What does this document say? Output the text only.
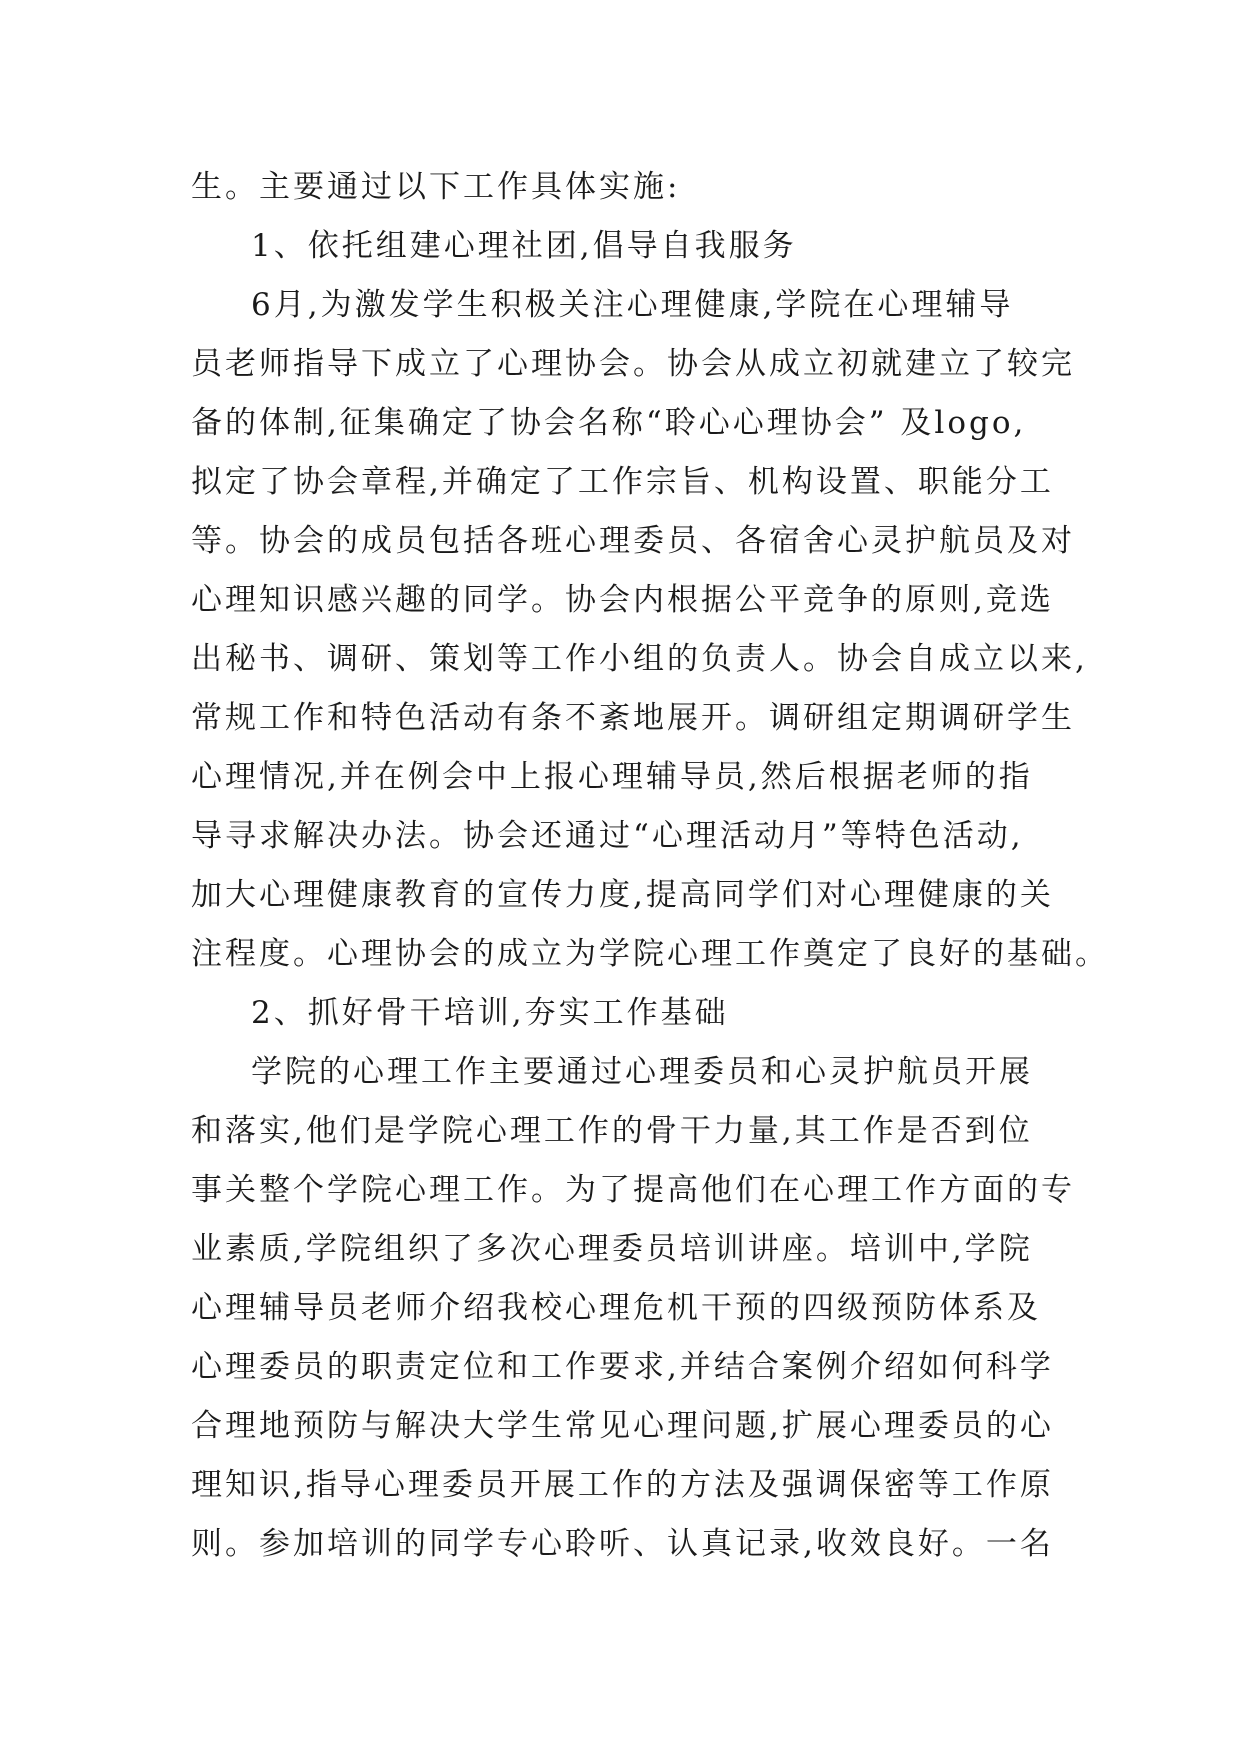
生。主要通过以下工作具体实施:
1、依托组建心理社团,倡导自我服务
6月,为激发学生积极关注心理健康,学院在心理辅导
员老师指导下成立了心理协会。协会从成立初就建立了较完
备的体制,征集确定了协会名称“聆心心理协会” 及logo,
拟定了协会章程,并确定了工作宗旨、机构设置、职能分工
等。协会的成员包括各班心理委员、各宿舍心灵护航员及对
心理知识感兴趣的同学。协会内根据公平竞争的原则,竞选
出秘书、调研、策划等工作小组的负责人。协会自成立以来,
常规工作和特色活动有条不紊地展开。调研组定期调研学生
心理情况,并在例会中上报心理辅导员,然后根据老师的指
导寻求解决办法。协会还通过“心理活动月”等特色活动,
加大心理健康教育的宣传力度,提高同学们对心理健康的关
注程度。心理协会的成立为学院心理工作奠定了良好的基础。
2、抓好骨干培训,夯实工作基础
学院的心理工作主要通过心理委员和心灵护航员开展
和落实,他们是学院心理工作的骨干力量,其工作是否到位
事关整个学院心理工作。为了提高他们在心理工作方面的专
业素质,学院组织了多次心理委员培训讲座。培训中,学院
心理辅导员老师介绍我校心理危机干预的四级预防体系及
心理委员的职责定位和工作要求,并结合案例介绍如何科学
合理地预防与解决大学生常见心理问题,扩展心理委员的心
理知识,指导心理委员开展工作的方法及强调保密等工作原
则。参加培训的同学专心聆听、认真记录,收效良好。一名
